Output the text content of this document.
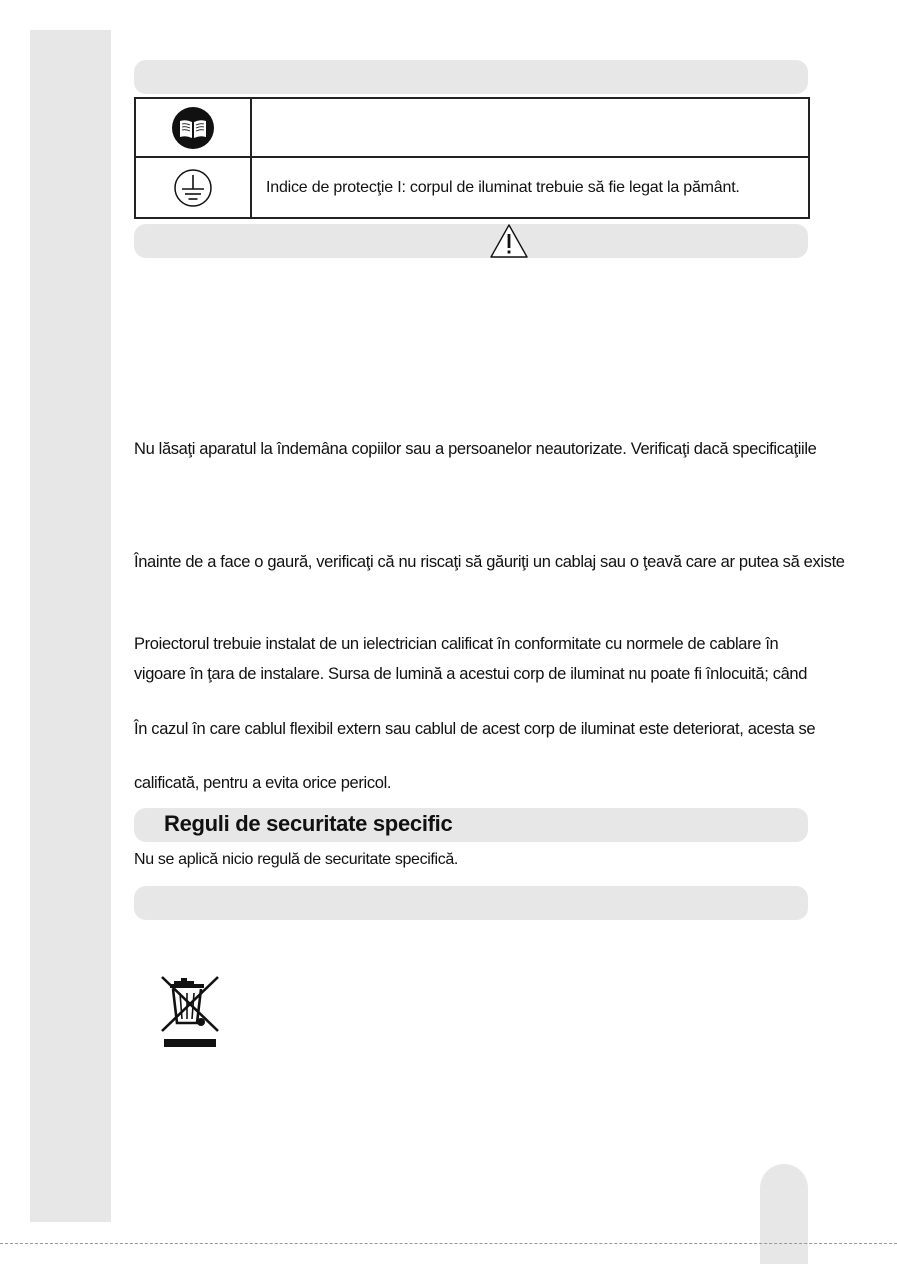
Indice de protecţie I: corpul de iluminat trebuie să fie legat la pământ.
Nu lăsaţi aparatul la îndemâna copiilor sau a persoanelor neautorizate. Verificaţi dacă specificaţiile
Înainte de a face o gaură, verificaţi că nu riscaţi să găuriţi un cablaj sau o ţeavă care ar putea să existe
Proiectorul trebuie instalat de un ielectrician calificat în conformitate cu normele de cablare în
vigoare în ţara de instalare. Sursa de lumină a acestui corp de iluminat nu poate fi înlocuită; când
În cazul în care cablul flexibil extern sau cablul de acest corp de iluminat este deteriorat, acesta se
calificată, pentru a evita orice pericol.
Reguli de securitate specific
Nu se aplică nicio regulă de securitate specifică.
